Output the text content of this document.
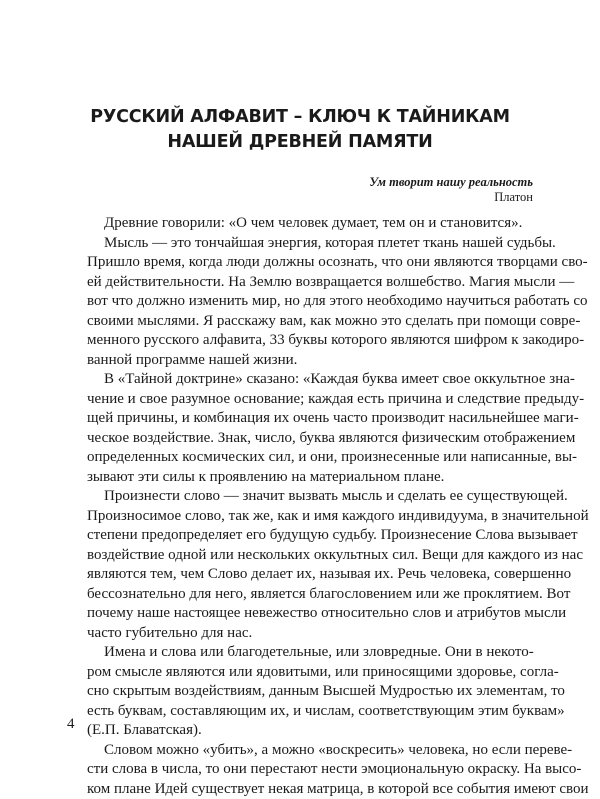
РУССКИЙ АЛФАВИТ – КЛЮЧ К ТАЙНИКАМ
НАШЕЙ ДРЕВНЕЙ ПАМЯТИ
Ум творит нашу реальность
Платон
Древние говорили: «О чем человек думает, тем он и становится».
Мысль — это тончайшая энергия, которая плетет ткань нашей судьбы.
Пришло время, когда люди должны осознать, что они являются творцами сво-
ей действительности. На Землю возвращается волшебство. Магия мысли —
вот что должно изменить мир, но для этого необходимо научиться работать со
своими мыслями. Я расскажу вам, как можно это сделать при помощи совре-
менного русского алфавита, 33 буквы которого являются шифром к закодиро-
ванной программе нашей жизни.
В «Тайной доктрине» сказано: «Каждая буква имеет свое оккультное зна-
чение и свое разумное основание; каждая есть причина и следствие предыду-
щей причины, и комбинация их очень часто производит насильнейшее маги-
ческое воздействие. Знак, число, буква являются физическим отображением
определенных космических сил, и они, произнесенные или написанные, вы-
зывают эти силы к проявлению на материальном плане.
Произнести слово — значит вызвать мысль и сделать ее существующей.
Произносимое слово, так же, как и имя каждого индивидуума, в значительной
степени предопределяет его будущую судьбу. Произнесение Слова вызывает
воздействие одной или нескольких оккультных сил. Вещи для каждого из нас
являются тем, чем Слово делает их, называя их. Речь человека, совершенно
бессознательно для него, является благословением или же проклятием. Вот
почему наше настоящее невежество относительно слов и атрибутов мысли
часто губительно для нас.
Имена и слова или благодетельные, или зловредные. Они в некото-
ром смысле являются или ядовитыми, или приносящими здоровье, согла-
сно скрытым воздействиям, данным Высшей Мудростью их элементам, то
есть буквам, составляющим их, и числам, соответствующим этим буквам»
(Е.П. Блаватская).
Словом можно «убить», а можно «воскресить» человека, но если переве-
сти слова в числа, то они перестают нести эмоциональную окраску. На высо-
ком плане Идей существует некая матрица, в которой все события имеют свои
4
